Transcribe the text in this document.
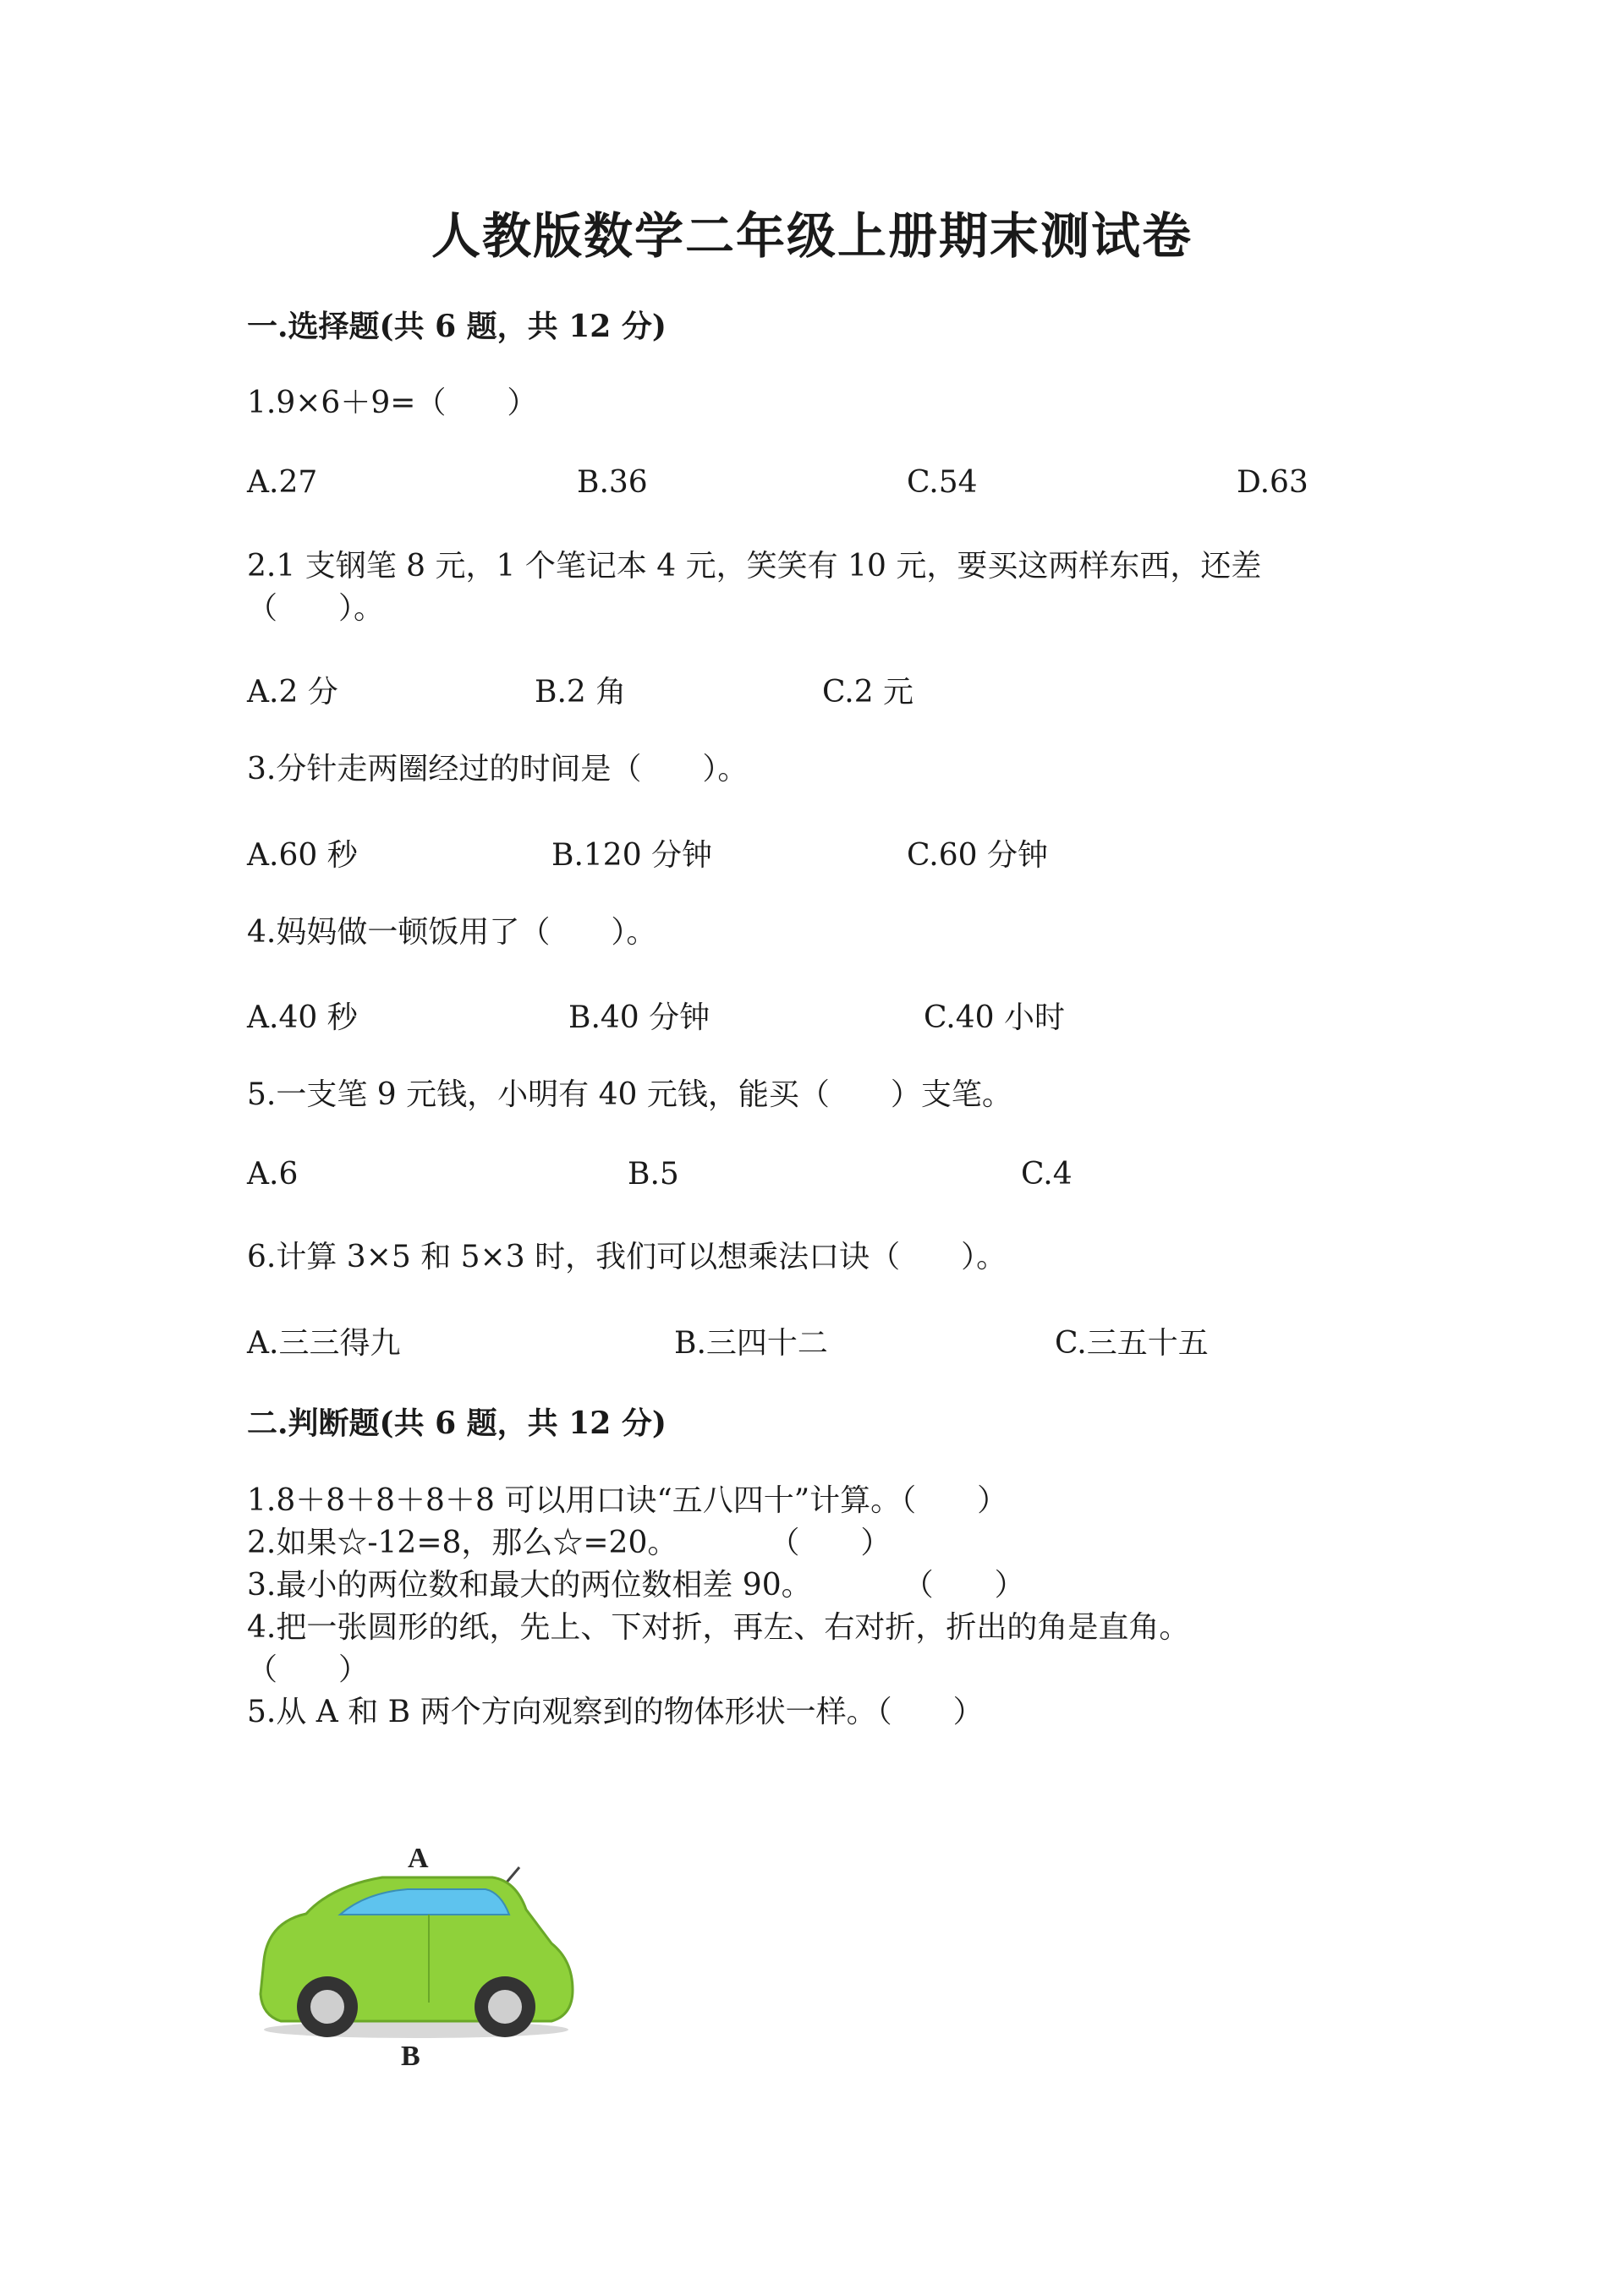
人教版数学二年级上册期末测试卷
一.选择题(共 6 题，共 12 分)
1.9×6＋9=（　　）
A.27	B.36	C.54	D.63
2.1 支钢笔 8 元，1 个笔记本 4 元，笑笑有 10 元，要买这两样东西，还差
（　　）。
A.2 分	B.2 角	C.2 元
3.分针走两圈经过的时间是（　　）。
A.60 秒	B.120 分钟	C.60 分钟
4.妈妈做一顿饭用了（　　）。
A.40 秒	B.40 分钟	C.40 小时
5.一支笔 9 元钱，小明有 40 元钱，能买（　　）支笔。
A.6	B.5	C.4
6.计算 3×5 和 5×3 时，我们可以想乘法口诀（　　）。
A.三三得九	B.三四十二	C.三五十五
二.判断题(共 6 题，共 12 分)
1.8＋8＋8＋8＋8 可以用口诀“五八四十”计算。（　　）
2.如果☆-12=8，那么☆=20。　　　　（　　）
3.最小的两位数和最大的两位数相差 90。　　　　（　　）
4.把一张圆形的纸，先上、下对折，再左、右对折，折出的角是直角。
（　　）
5.从 A 和 B 两个方向观察到的物体形状一样。（　　）
A
B
